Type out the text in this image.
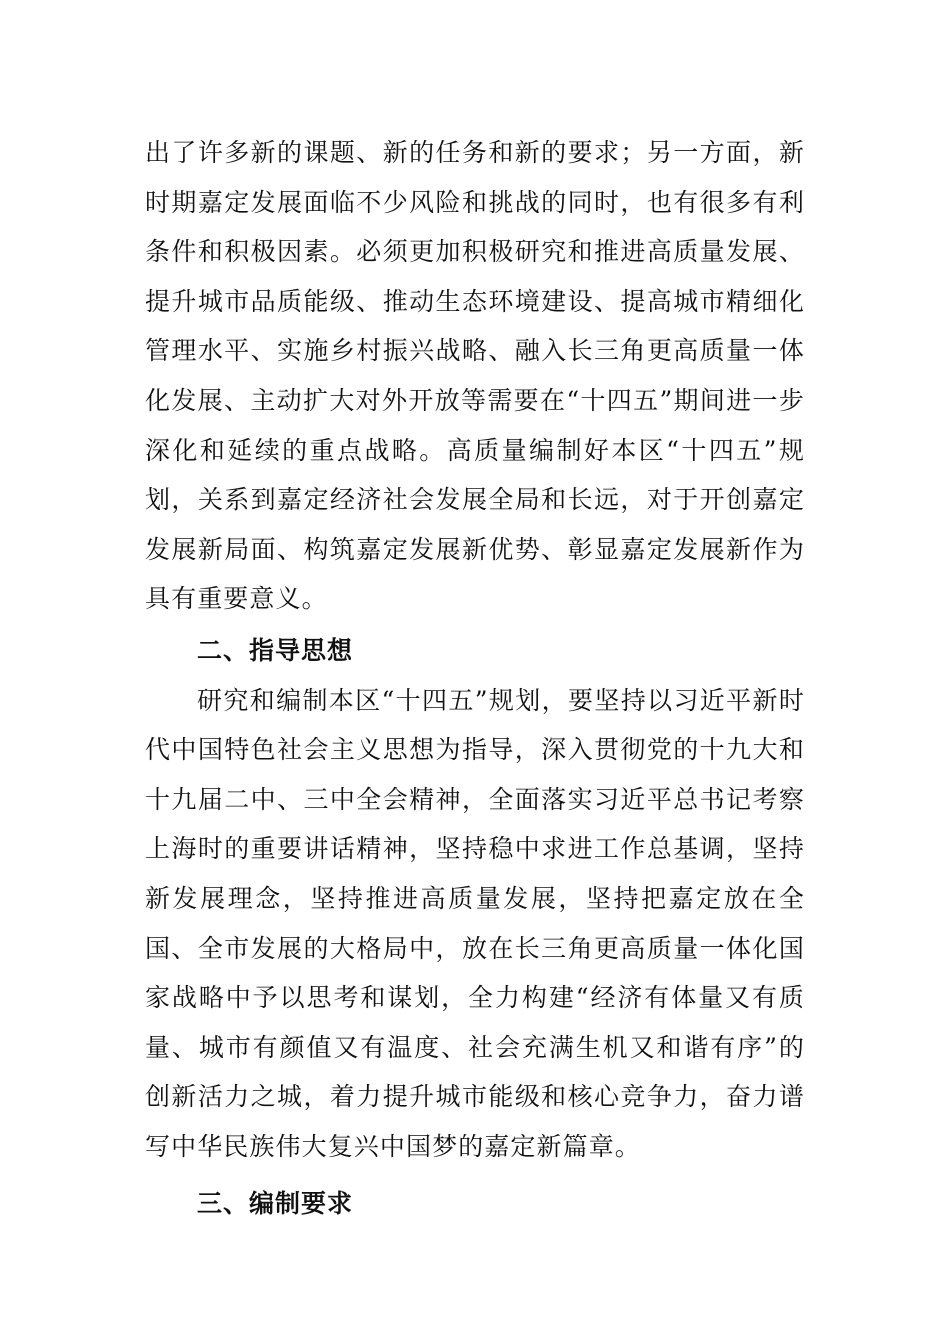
出了许多新的课题、新的任务和新的要求；另一方面，新时期嘉定发展面临不少风险和挑战的同时，也有很多有利条件和积极因素。必须更加积极研究和推进高质量发展、提升城市品质能级、推动生态环境建设、提高城市精细化管理水平、实施乡村振兴战略、融入长三角更高质量一体化发展、主动扩大对外开放等需要在“十四五”期间进一步深化和延续的重点战略。高质量编制好本区“十四五”规划，关系到嘉定经济社会发展全局和长远，对于开创嘉定发展新局面、构筑嘉定发展新优势、彰显嘉定发展新作为具有重要意义。

二、指导思想

研究和编制本区“十四五”规划，要坚持以习近平新时代中国特色社会主义思想为指导，深入贯彻党的十九大和十九届二中、三中全会精神，全面落实习近平总书记考察上海时的重要讲话精神，坚持稳中求进工作总基调，坚持新发展理念，坚持推进高质量发展，坚持把嘉定放在全国、全市发展的大格局中，放在长三角更高质量一体化国家战略中予以思考和谋划，全力构建“经济有体量又有质量、城市有颜值又有温度、社会充满生机又和谐有序”的创新活力之城，着力提升城市能级和核心竞争力，奋力谱写中华民族伟大复兴中国梦的嘉定新篇章。

三、编制要求
